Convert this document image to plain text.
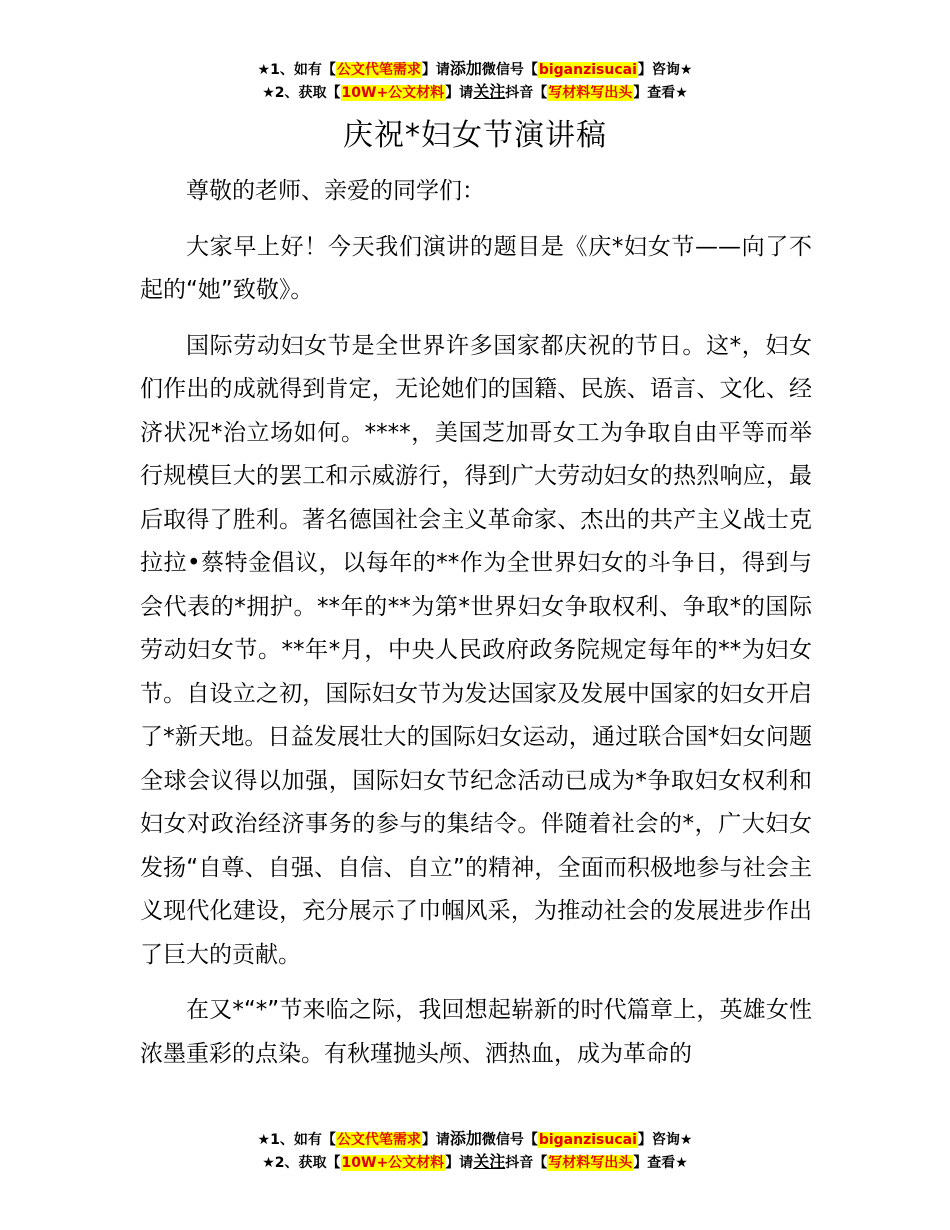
★1、如有【公文代笔需求】请添加微信号【biganzisucai】咨询★
★2、获取【10W+公文材料】请关注抖音【写材料写出头】查看★
庆祝*妇女节演讲稿

尊敬的老师、亲爱的同学们：

大家早上好！今天我们演讲的题目是《庆*妇女节——向了不起的“她”致敬》。

国际劳动妇女节是全世界许多国家都庆祝的节日。这*，妇女们作出的成就得到肯定，无论她们的国籍、民族、语言、文化、经济状况*治立场如何。****，美国芝加哥女工为争取自由平等而举行规模巨大的罢工和示威游行，得到广大劳动妇女的热烈响应，最后取得了胜利。著名德国社会主义革命家、杰出的共产主义战士克拉拉•蔡特金倡议，以每年的**作为全世界妇女的斗争日，得到与会代表的*拥护。**年的**为第*世界妇女争取权利、争取*的国际劳动妇女节。**年*月，中央人民政府政务院规定每年的**为妇女节。自设立之初，国际妇女节为发达国家及发展中国家的妇女开启了*新天地。日益发展壮大的国际妇女运动，通过联合国*妇女问题全球会议得以加强，国际妇女节纪念活动已成为*争取妇女权利和妇女对政治经济事务的参与的集结令。伴随着社会的*，广大妇女发扬“自尊、自强、自信、自立”的精神，全面而积极地参与社会主义现代化建设，充分展示了巾帼风采，为推动社会的发展进步作出了巨大的贡献。

在又*“*”节来临之际，我回想起崭新的时代篇章上，英雄女性浓墨重彩的点染。有秋瑾抛头颅、洒热血，成为革命的

★1、如有【公文代笔需求】请添加微信号【biganzisucai】咨询★
★2、获取【10W+公文材料】请关注抖音【写材料写出头】查看★
